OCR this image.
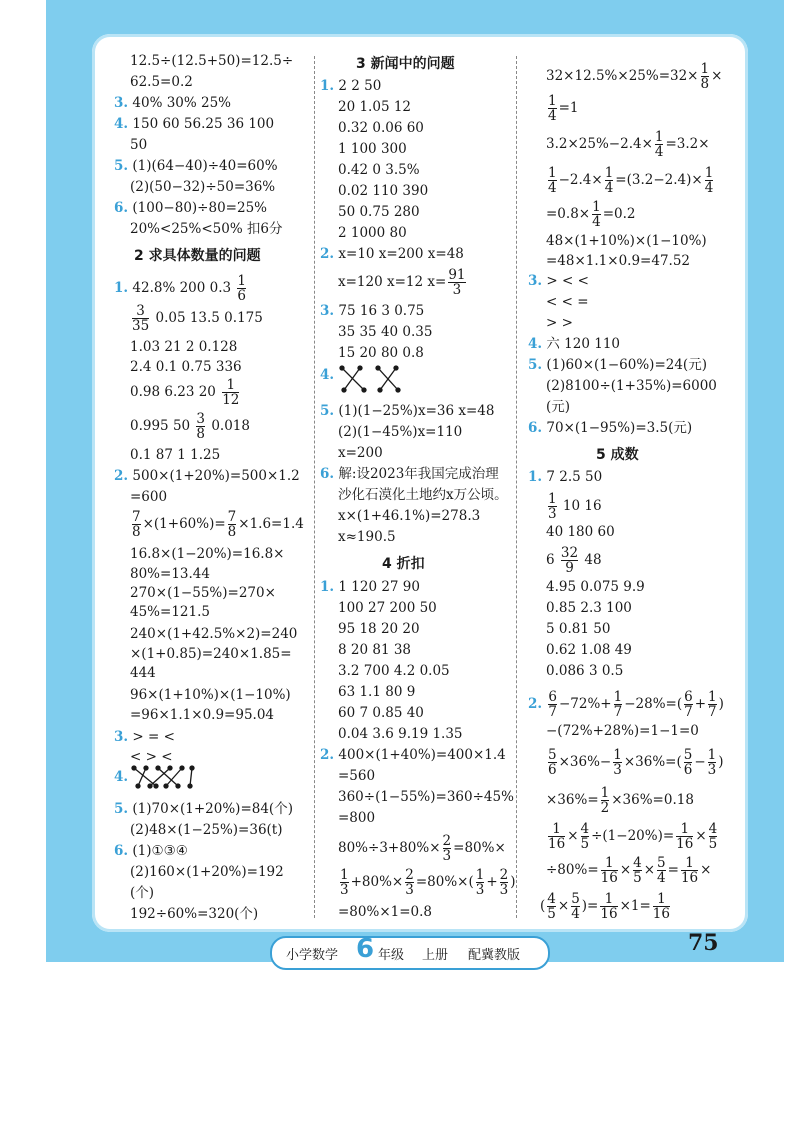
12.5÷(12.5+50)=12.5÷
62.5=0.2
3. 40% 30% 25%
4. 150 60 56.25 36 100
50
5. (1)(64−40)÷40=60%
(2)(50−32)÷50=36%
6. (100−80)÷80=25%
20%<25%<50% 扣6分
2 求具体数量的问题
1. 42.8% 200 $0.3 \frac{1}{6}$
$\frac{3}{35} 0.05$ 13.5 0.175
1.03 21 2 0.128
2.4 0.1 0.75 336
0.98 6.23 $20 \frac{1}{12}$
0.995 $50 \frac{3}{8} 0.018$
0.1 87 1 1.25
2. 500×(1+20%)=500×1.2
=600
$\frac{7}{8} \times(1+60\%)= \frac{7}{8} \times 1.6=1.4$
16.8×(1−20%)=16.8×
80%=13.44
270×(1−55%)=270×
45%=121.5
240×(1+42.5%×2)=240
×(1+0.85)=240×1.85=
444
96×(1+10%)×(1−10%)
=96×1.1×0.9=95.04
3. > = <
< > <
4.
5. (1)70×(1+20%)=84(个)
(2)48×(1−25%)=36(t)
6. (1)①③④
(2)160×(1+20%)=192
(个)
192÷60%=320(个)
3 新闻中的问题
1. 2 2 50
20 1.05 12
0.32 0.06 60
1 100 300
0.42 0 3.5%
0.02 110 390
50 0.75 280
2 1000 80
2. x=10 x=200 x=48
x=120 x=12 $x= \frac{91}{3}$
3. 75 16 3 0.75
35 35 40 0.35
15 20 80 0.8
4.
5. (1)(1−25%)x=36 x=48
(2)(1−45%)x=110
x=200
6. 解:设2023年我国完成治理
沙化石漠化土地约x万公顷。
x×(1+46.1%)=278.3
x≈190.5
4 折扣
1. 1 120 27 90
100 27 200 50
95 18 20 20
8 20 81 38
3.2 700 4.2 0.05
63 1.1 80 9
60 7 0.85 40
0.04 3.6 9.19 1.35
2. 400×(1+40%)=400×1.4
=560
360÷(1−55%)=360÷45%
=800
$80\%\div 3+80\%\times \frac{2}{3} =80\%\times$
$\frac{1}{3} +80\%\times \frac{2}{3} =80\%\times( \frac{1}{3} + \frac{2}{3}$ )
=80%×1=0.8
$32\times 12.5\%\times 25\%=32\times \frac{1}{8}$ ×
$\frac{1}{4} =1$
$3.2\times 25\%-2.4\times \frac{1}{4} =3.2\times$
$\frac{1}{4} -2.4\times \frac{1}{4} =(3.2-2.4)\times \frac{1}{4}$
$=0.8\times \frac{1}{4} =0.2$
48×(1+10%)×(1−10%)
=48×1.1×0.9=47.52
3. > < <
< < =
> >
4. 六 120 110
5. (1)60×(1−60%)=24(元)
(2)8100÷(1+35%)=6000
(元)
6. 70×(1−95%)=3.5(元)
5 成数
1. 7 2.5 50
$\frac{1}{3} 10$ 16
40 180 60
$6 \frac{32}{9} 48$
4.95 0.075 9.9
0.85 2.3 100
5 0.81 50
0.62 1.08 49
0.086 3 0.5
2. $\frac{6}{7} -72\%+ \frac{1}{7} -28\%=( \frac{6}{7} + \frac{1}{7}$ )
−(72%+28%)=1−1=0
$\frac{5}{6} \times 36\%- \frac{1}{3} \times 36\%=( \frac{5}{6} - \frac{1}{3}$ )
$\times 36\%= \frac{1}{2} \times 36\%=0.18$
$\frac{1}{16} \times \frac{4}{5} \div(1-20\%)= \frac{1}{16} \times \frac{4}{5}$
$\div 80\%= \frac{1}{16} \times \frac{4}{5} \times \frac{5}{4} = \frac{1}{16}$ ×
( $\frac{4}{5} \times \frac{5}{4}$ )= $\frac{1}{16} \times 1= \frac{1}{16}$
小学数学 6 年级 上册 配冀教版	75
